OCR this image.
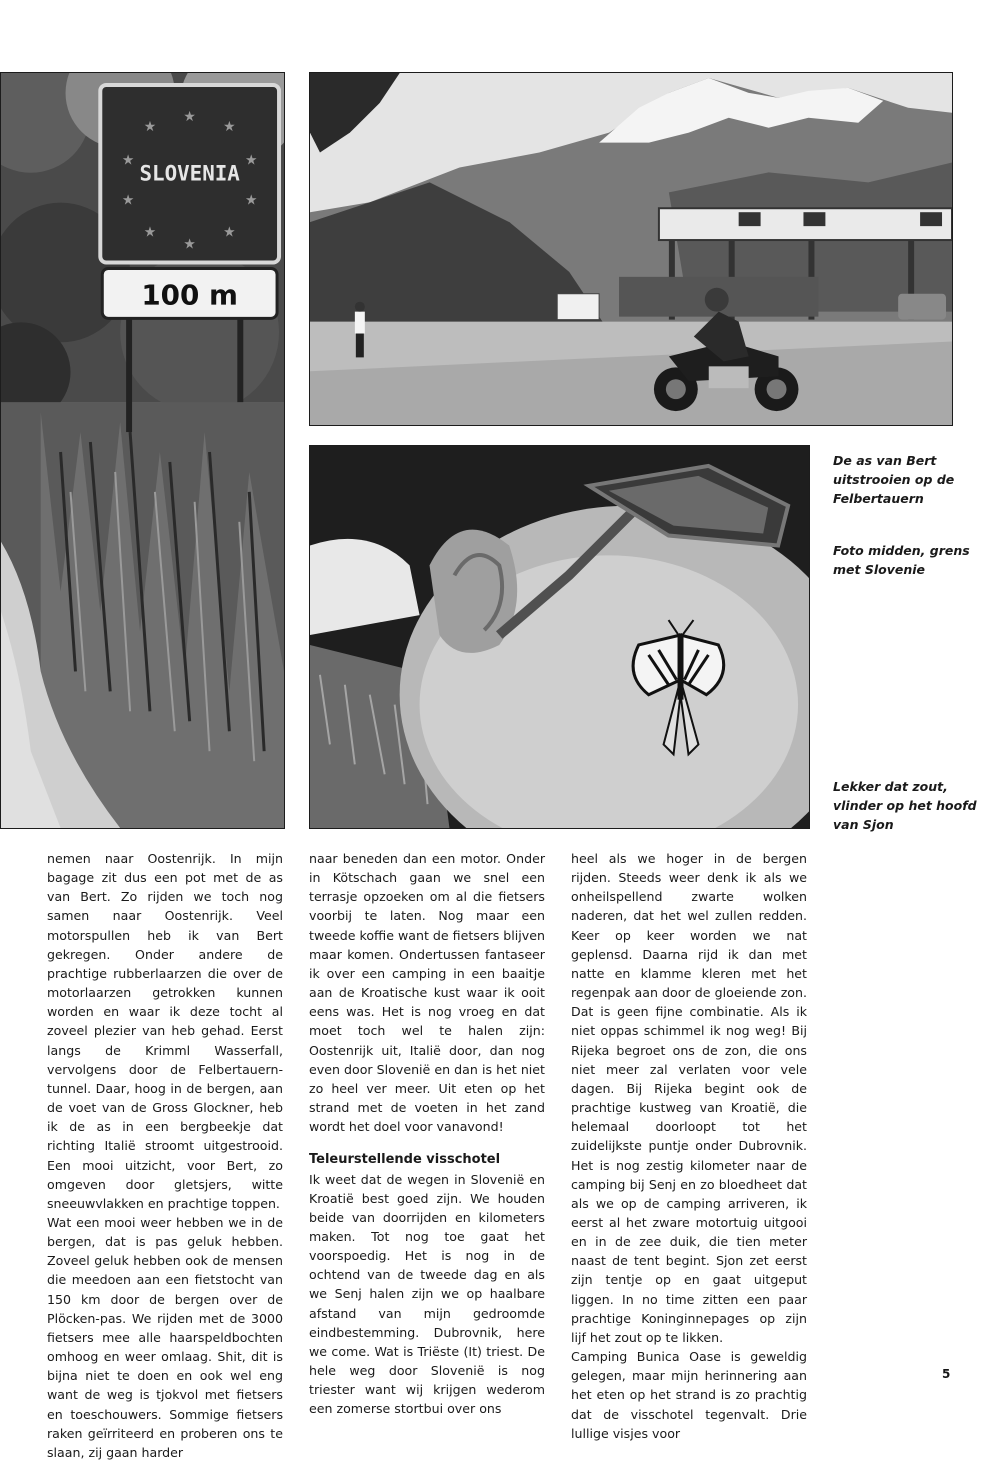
★
★
★
★
★
★
★
★
★
★
SLOVENIA
100 m
De as van Bert uitstrooien op de Felbertauern
Foto midden, grens met Slovenie
Lekker dat zout, vlinder op het hoofd van Sjon

nemen naar Oostenrijk. In mijn bagage zit dus een pot met de as van Bert. Zo rijden we toch nog samen naar Oostenrijk. Veel motorspullen heb ik van Bert gekregen. Onder andere de prachtige rubberlaarzen die over de motorlaarzen getrokken kunnen worden en waar ik deze tocht al zoveel plezier van heb gehad. Eerst langs de Krimml Wasserfall, vervolgens door de Felbertauern-tunnel. Daar, hoog in de bergen, aan de voet van de Gross Glockner, heb ik de as in een bergbeekje dat richting Italië stroomt uitgestrooid. Een mooi uitzicht, voor Bert, zo omgeven door gletsjers, witte sneeuwvlakken en prachtige toppen.

Wat een mooi weer hebben we in de bergen, dat is pas geluk hebben. Zoveel geluk hebben ook de mensen die meedoen aan een fietstocht van 150 km door de bergen over de Plöcken-pas. We rijden met de 3000 fietsers mee alle haarspeldbochten omhoog en weer omlaag. Shit, dit is bijna niet te doen en ook wel eng want de weg is tjokvol met fietsers en toeschouwers. Sommige fietsers raken geïrriteerd en proberen ons te slaan, zij gaan harder

naar beneden dan een motor. Onder in Kötschach gaan we snel een terrasje opzoeken om al die fietsers voorbij te laten. Nog maar een tweede koffie want de fietsers blijven maar komen. Ondertussen fantaseer ik over een camping in een baaitje aan de Kroatische kust waar ik ooit eens was. Het is nog vroeg en dat moet toch wel te halen zijn: Oostenrijk uit, Italië door, dan nog even door Slovenië en dan is het niet zo heel ver meer. Uit eten op het strand met de voeten in het zand wordt het doel voor vanavond!

Teleurstellende visschotel

Ik weet dat de wegen in Slovenië en Kroatië best goed zijn. We houden beide van doorrijden en kilometers maken. Tot nog toe gaat het voorspoedig. Het is nog in de ochtend van de tweede dag en als we Senj halen zijn we op haalbare afstand van mijn gedroomde eindbestemming. Dubrovnik, here we come. Wat is Triëste (It) triest. De hele weg door Slovenië is nog triester want wij krijgen wederom een zomerse stortbui over ons

heel als we hoger in de bergen rijden. Steeds weer denk ik als we onheilspellend zwarte wolken naderen, dat het wel zullen redden. Keer op keer worden we nat geplensd. Daarna rijd ik dan met natte en klamme kleren met het regenpak aan door de gloeiende zon. Dat is geen fijne combinatie. Als ik niet oppas schimmel ik nog weg! Bij Rijeka begroet ons de zon, die ons niet meer zal verlaten voor vele dagen. Bij Rijeka begint ook de prachtige kustweg van Kroatië, die helemaal doorloopt tot het zuidelijkste puntje onder Dubrovnik. Het is nog zestig kilometer naar de camping bij Senj en zo bloedheet dat als we op de camping arriveren, ik eerst al het zware motortuig uitgooi en in de zee duik, die tien meter naast de tent begint. Sjon zet eerst zijn tentje op en gaat uitgeput liggen. In no time zitten een paar prachtige Koninginnepages op zijn lijf het zout op te likken.

Camping Bunica Oase is geweldig gelegen, maar mijn herinnering aan het eten op het strand is zo prachtig dat de visschotel tegenvalt. Drie lullige visjes voor

5
